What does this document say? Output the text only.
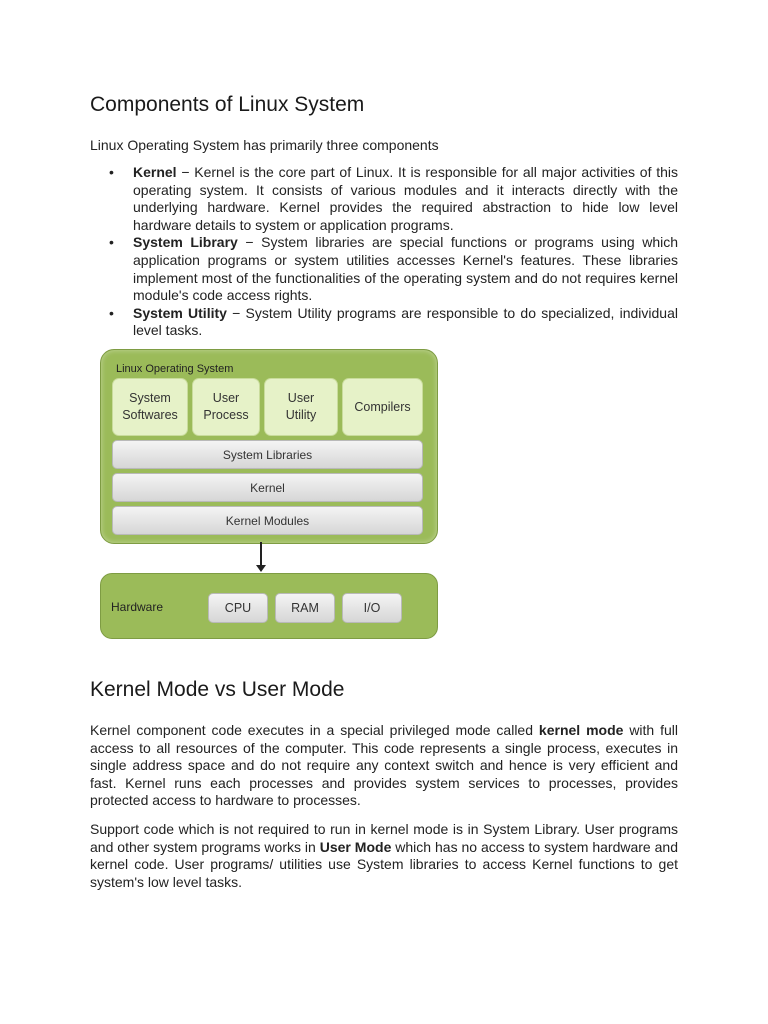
Components of Linux System

Linux Operating System has primarily three components

• Kernel − Kernel is the core part of Linux. It is responsible for all major activities of this operating system. It consists of various modules and it interacts directly with the underlying hardware. Kernel provides the required abstraction to hide low level hardware details to system or application programs.
• System Library − System libraries are special functions or programs using which application programs or system utilities accesses Kernel's features. These libraries implement most of the functionalities of the operating system and do not requires kernel module's code access rights.
• System Utility − System Utility programs are responsible to do specialized, individual level tasks.
Kernel Mode vs User Mode

Kernel component code executes in a special privileged mode called kernel mode with full access to all resources of the computer. This code represents a single process, executes in single address space and do not require any context switch and hence is very efficient and fast. Kernel runs each processes and provides system services to processes, provides protected access to hardware to processes.

Support code which is not required to run in kernel mode is in System Library. User programs and other system programs works in User Mode which has no access to system hardware and kernel code. User programs/ utilities use System libraries to access Kernel functions to get system's low level tasks.

Linux Operating System
System
Softwares
User
Process
User
Utility
Compilers
System Libraries
Kernel
Kernel Modules
Hardware	CPU	RAM	I/O
